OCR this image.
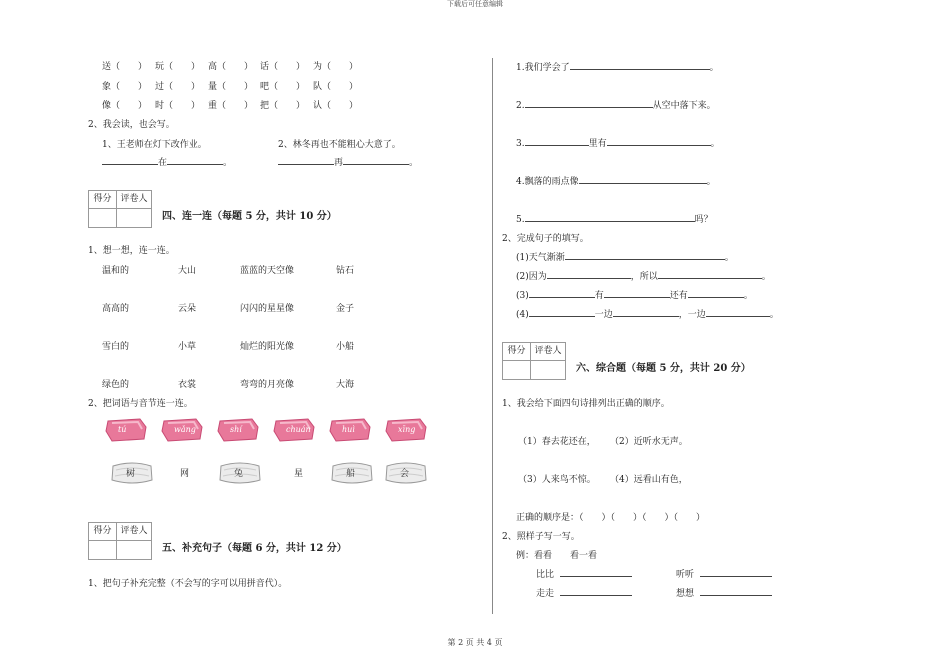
下载后可任意编辑
送（　　） 玩（　　） 高（　　） 话（　　） 为（　　）
象（　　） 过（　　） 量（　　） 吧（　　） 队（　　）
像（　　） 时（　　） 重（　　） 把（　　） 认（　　）
2、我会读，也会写。
1、王老师在灯下改作业。	2、林冬再也不能粗心大意了。
在	。	再	。
得分 评卷人
四、连一连（每题 5 分，共计 10 分）
1、想一想，连一连。
温和的	大山	蓝蓝的天空像	钻石
高高的	云朵	闪闪的星星像	金子
雪白的	小草	灿烂的阳光像	小船
绿色的	衣裳	弯弯的月亮像	大海
2、把词语与音节连一连。
tú	wǎng	shí	chuán	huì	xīng
树	网	兔	星	船	会
得分 评卷人
五、补充句子（每题 6 分，共计 12 分）
1、把句子补充完整（不会写的字可以用拼音代）。
1.我们学会了	。
2.	从空中落下来。
3.	里有	。
4.飘落的雨点像	。
5.	吗？
2、完成句子的填写。
(1)天气渐渐	。
(2)因为	，所以	。
(3)	有	还有	。
(4)	一边	，一边	。
得分 评卷人
六、综合题（每题 5 分，共计 20 分）
1、我会给下面四句诗排列出正确的顺序。
（1）春去花还在， （2）近听水无声。
（3）人来鸟不惊。 （4）远看山有色，
正确的顺序是：（　　）（　　）（　　）（　　）
2、照样子写一写。
例：看看　　看一看
比比	听听
走走	想想
第 2 页 共 4 页
